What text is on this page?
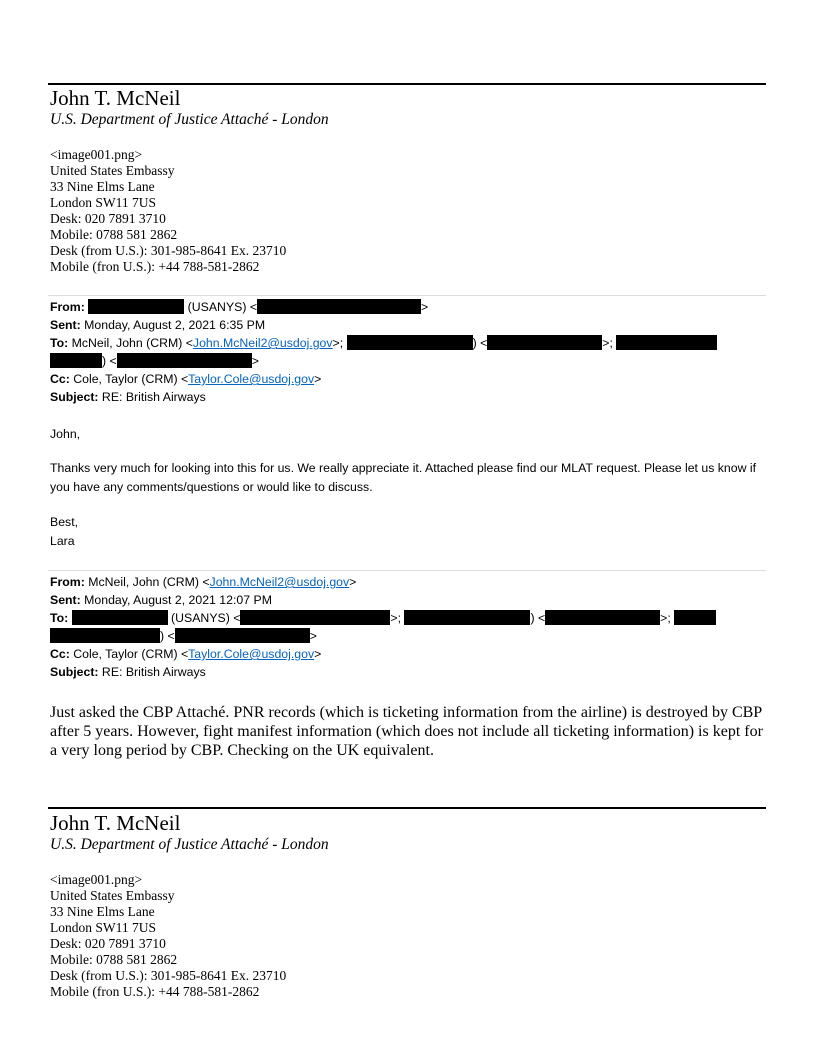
John T. McNeil
U.S. Department of Justice Attaché - London
<image001.png>
United States Embassy
33 Nine Elms Lane
London SW11 7US
Desk: 020 7891 3710
Mobile: 0788 581 2862
Desk (from U.S.): 301-985-8641 Ex. 23710
Mobile (fron U.S.): +44 788-581-2862
From:	(USANYS) <	>
Sent: Monday, August 2, 2021 6:35 PM
To: McNeil, John (CRM) <John.McNeil2@usdoj.gov>;	) <	>;
) <	>
Cc: Cole, Taylor (CRM) <Taylor.Cole@usdoj.gov>
Subject: RE: British Airways
John,
Thanks very much for looking into this for us. We really appreciate it. Attached please find our MLAT request. Please let us know if you have any comments/questions or would like to discuss.
Best,
Lara
From: McNeil, John (CRM) <John.McNeil2@usdoj.gov>
Sent: Monday, August 2, 2021 12:07 PM
To:	(USANYS) <	>;	) <	>;
) <	>
Cc: Cole, Taylor (CRM) <Taylor.Cole@usdoj.gov>
Subject: RE: British Airways
Just asked the CBP Attaché. PNR records (which is ticketing information from the airline) is destroyed by CBP after 5 years. However, fight manifest information (which does not include all ticketing information) is kept for a very long period by CBP. Checking on the UK equivalent.
John T. McNeil
U.S. Department of Justice Attaché - London
<image001.png>
United States Embassy
33 Nine Elms Lane
London SW11 7US
Desk: 020 7891 3710
Mobile: 0788 581 2862
Desk (from U.S.): 301-985-8641 Ex. 23710
Mobile (fron U.S.): +44 788-581-2862
